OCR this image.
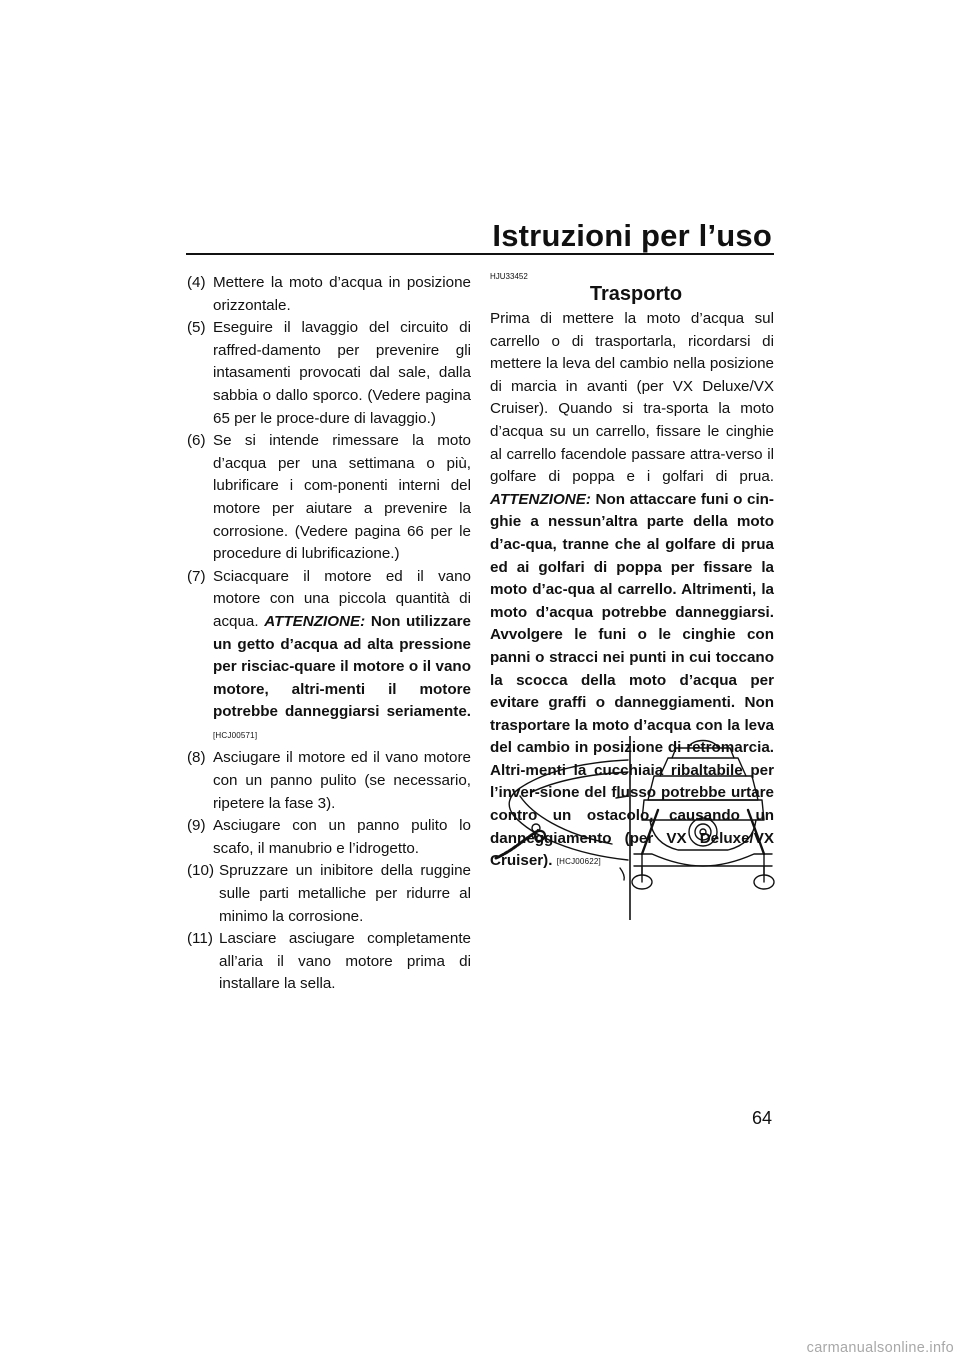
Istruzioni per l’uso
(4) Mettere la moto d’acqua in posizione orizzontale.
(5) Eseguire il lavaggio del circuito di raffred-damento per prevenire gli intasamenti provocati dal sale, dalla sabbia o dallo sporco. (Vedere pagina 65 per le proce-dure di lavaggio.)
(6) Se si intende rimessare la moto d’acqua per una settimana o più, lubrificare i com-ponenti interni del motore per aiutare a prevenire la corrosione. (Vedere pagina 66 per le procedure di lubrificazione.)
(7) Sciacquare il motore ed il vano motore con una piccola quantità di acqua. ATTENZIONE: Non utilizzare un getto d’acqua ad alta pressione per risciac-quare il motore o il vano motore, altri-menti il motore potrebbe danneggiarsi seriamente. [HCJ00571]
(8) Asciugare il motore ed il vano motore con un panno pulito (se necessario, ripetere la fase 3).
(9) Asciugare con un panno pulito lo scafo, il manubrio e l’idrogetto.
(10) Spruzzare un inibitore della ruggine sulle parti metalliche per ridurre al minimo la corrosione.
(11) Lasciare asciugare completamente all’aria il vano motore prima di installare la sella.
HJU33452
Trasporto

Prima di mettere la moto d’acqua sul carrello o di trasportarla, ricordarsi di mettere la leva del cambio nella posizione di marcia in avanti (per VX Deluxe/VX Cruiser). Quando si tra-sporta la moto d’acqua su un carrello, fissare le cinghie al carrello facendole passare attra-verso il golfare di poppa e i golfari di prua. ATTENZIONE: Non attaccare funi o cin-ghie a nessun’altra parte della moto d’ac-qua, tranne che al golfare di prua ed ai golfari di poppa per fissare la moto d’ac-qua al carrello. Altrimenti, la moto d’acqua potrebbe danneggiarsi. Avvolgere le funi o le cinghie con panni o stracci nei punti in cui toccano la scocca della moto d’acqua per evitare graffi o danneggiamenti. Non trasportare la moto d’acqua con la leva del cambio in posizione di retromarcia. Altri-menti la cucchiaia ribaltabile per l’inver-sione del flusso potrebbe urtare contro un ostacolo, causando un danneggiamento (per VX Deluxe/VX Cruiser). [HCJ00622]

64
carmanualsonline.info
